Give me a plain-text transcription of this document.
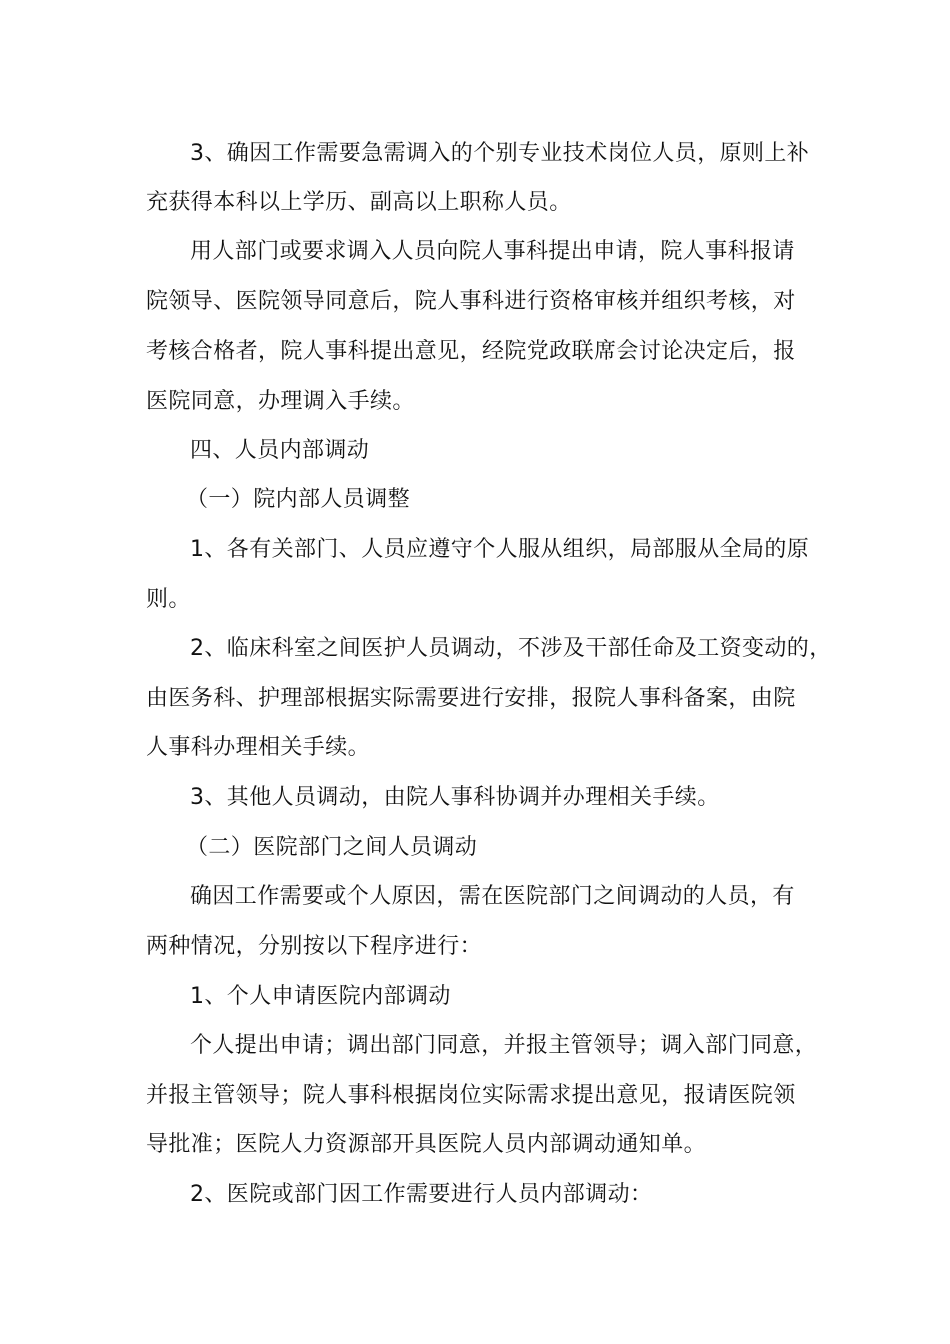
3、确因工作需要急需调入的个别专业技术岗位人员，原则上补
充获得本科以上学历、副高以上职称人员。
用人部门或要求调入人员向院人事科提出申请，院人事科报请
院领导、医院领导同意后，院人事科进行资格审核并组织考核，对
考核合格者，院人事科提出意见，经院党政联席会讨论决定后，报
医院同意，办理调入手续。
四、人员内部调动
（一）院内部人员调整
1、各有关部门、人员应遵守个人服从组织，局部服从全局的原
则。
2、临床科室之间医护人员调动，不涉及干部任命及工资变动的，
由医务科、护理部根据实际需要进行安排，报院人事科备案，由院
人事科办理相关手续。
3、其他人员调动，由院人事科协调并办理相关手续。
（二）医院部门之间人员调动
确因工作需要或个人原因，需在医院部门之间调动的人员，有
两种情况，分别按以下程序进行：
1、个人申请医院内部调动
个人提出申请；调出部门同意，并报主管领导；调入部门同意，
并报主管领导；院人事科根据岗位实际需求提出意见，报请医院领
导批准；医院人力资源部开具医院人员内部调动通知单。
2、医院或部门因工作需要进行人员内部调动：
